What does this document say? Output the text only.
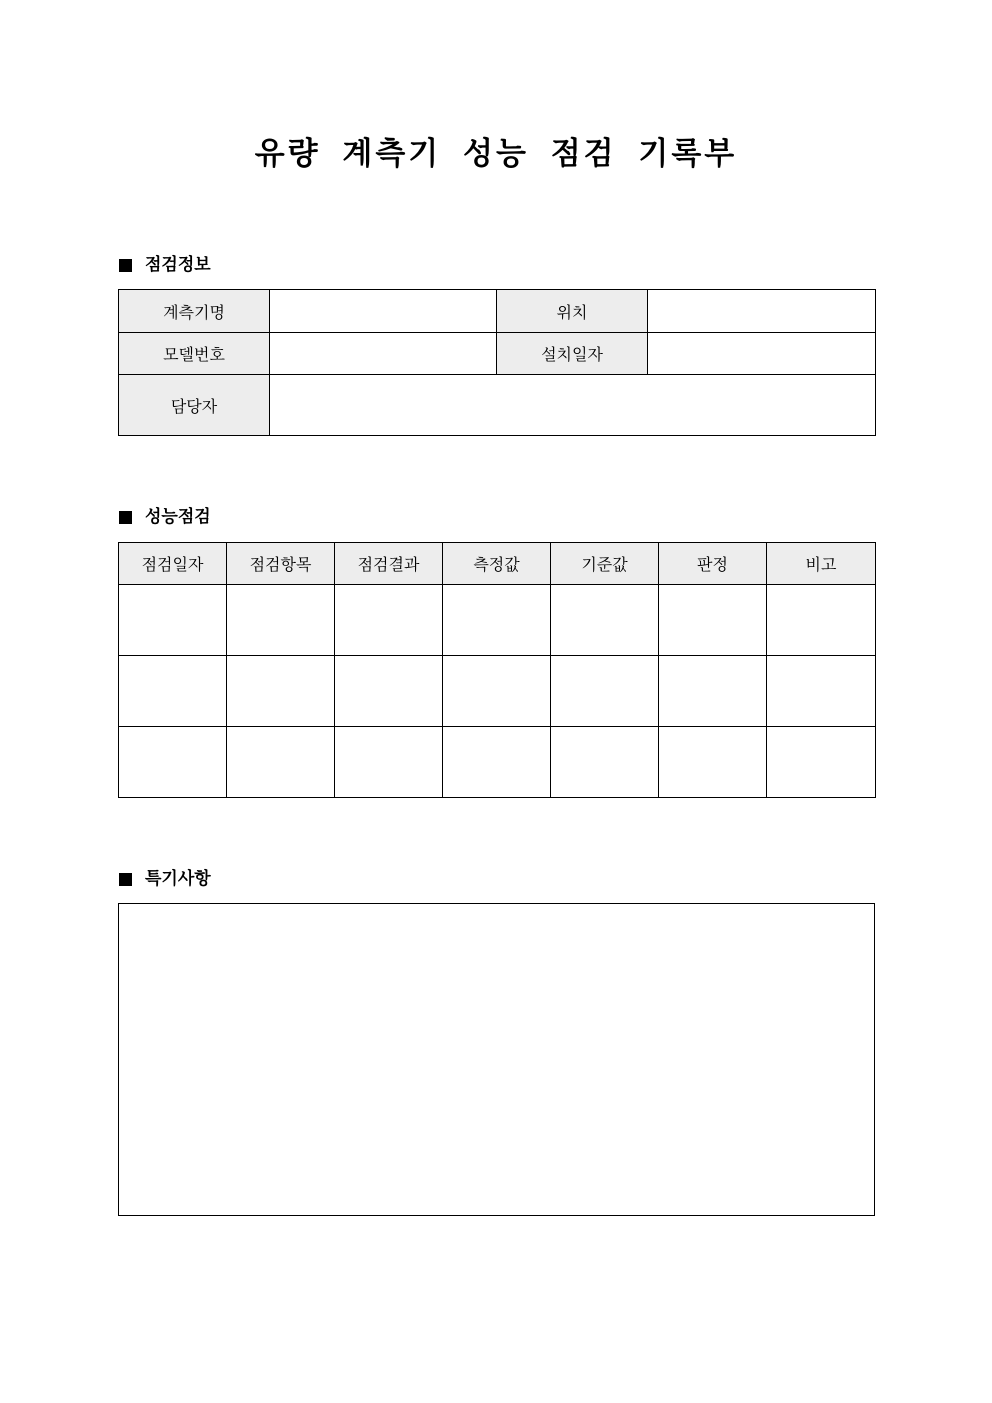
유량 계측기 성능 점검 기록부
점검정보
계측기명		위치	
모델번호		설치일자	
담당자			
성능점검
점검일자	점검항목	점검결과	측정값	기준값	판정	비고

특기사항
